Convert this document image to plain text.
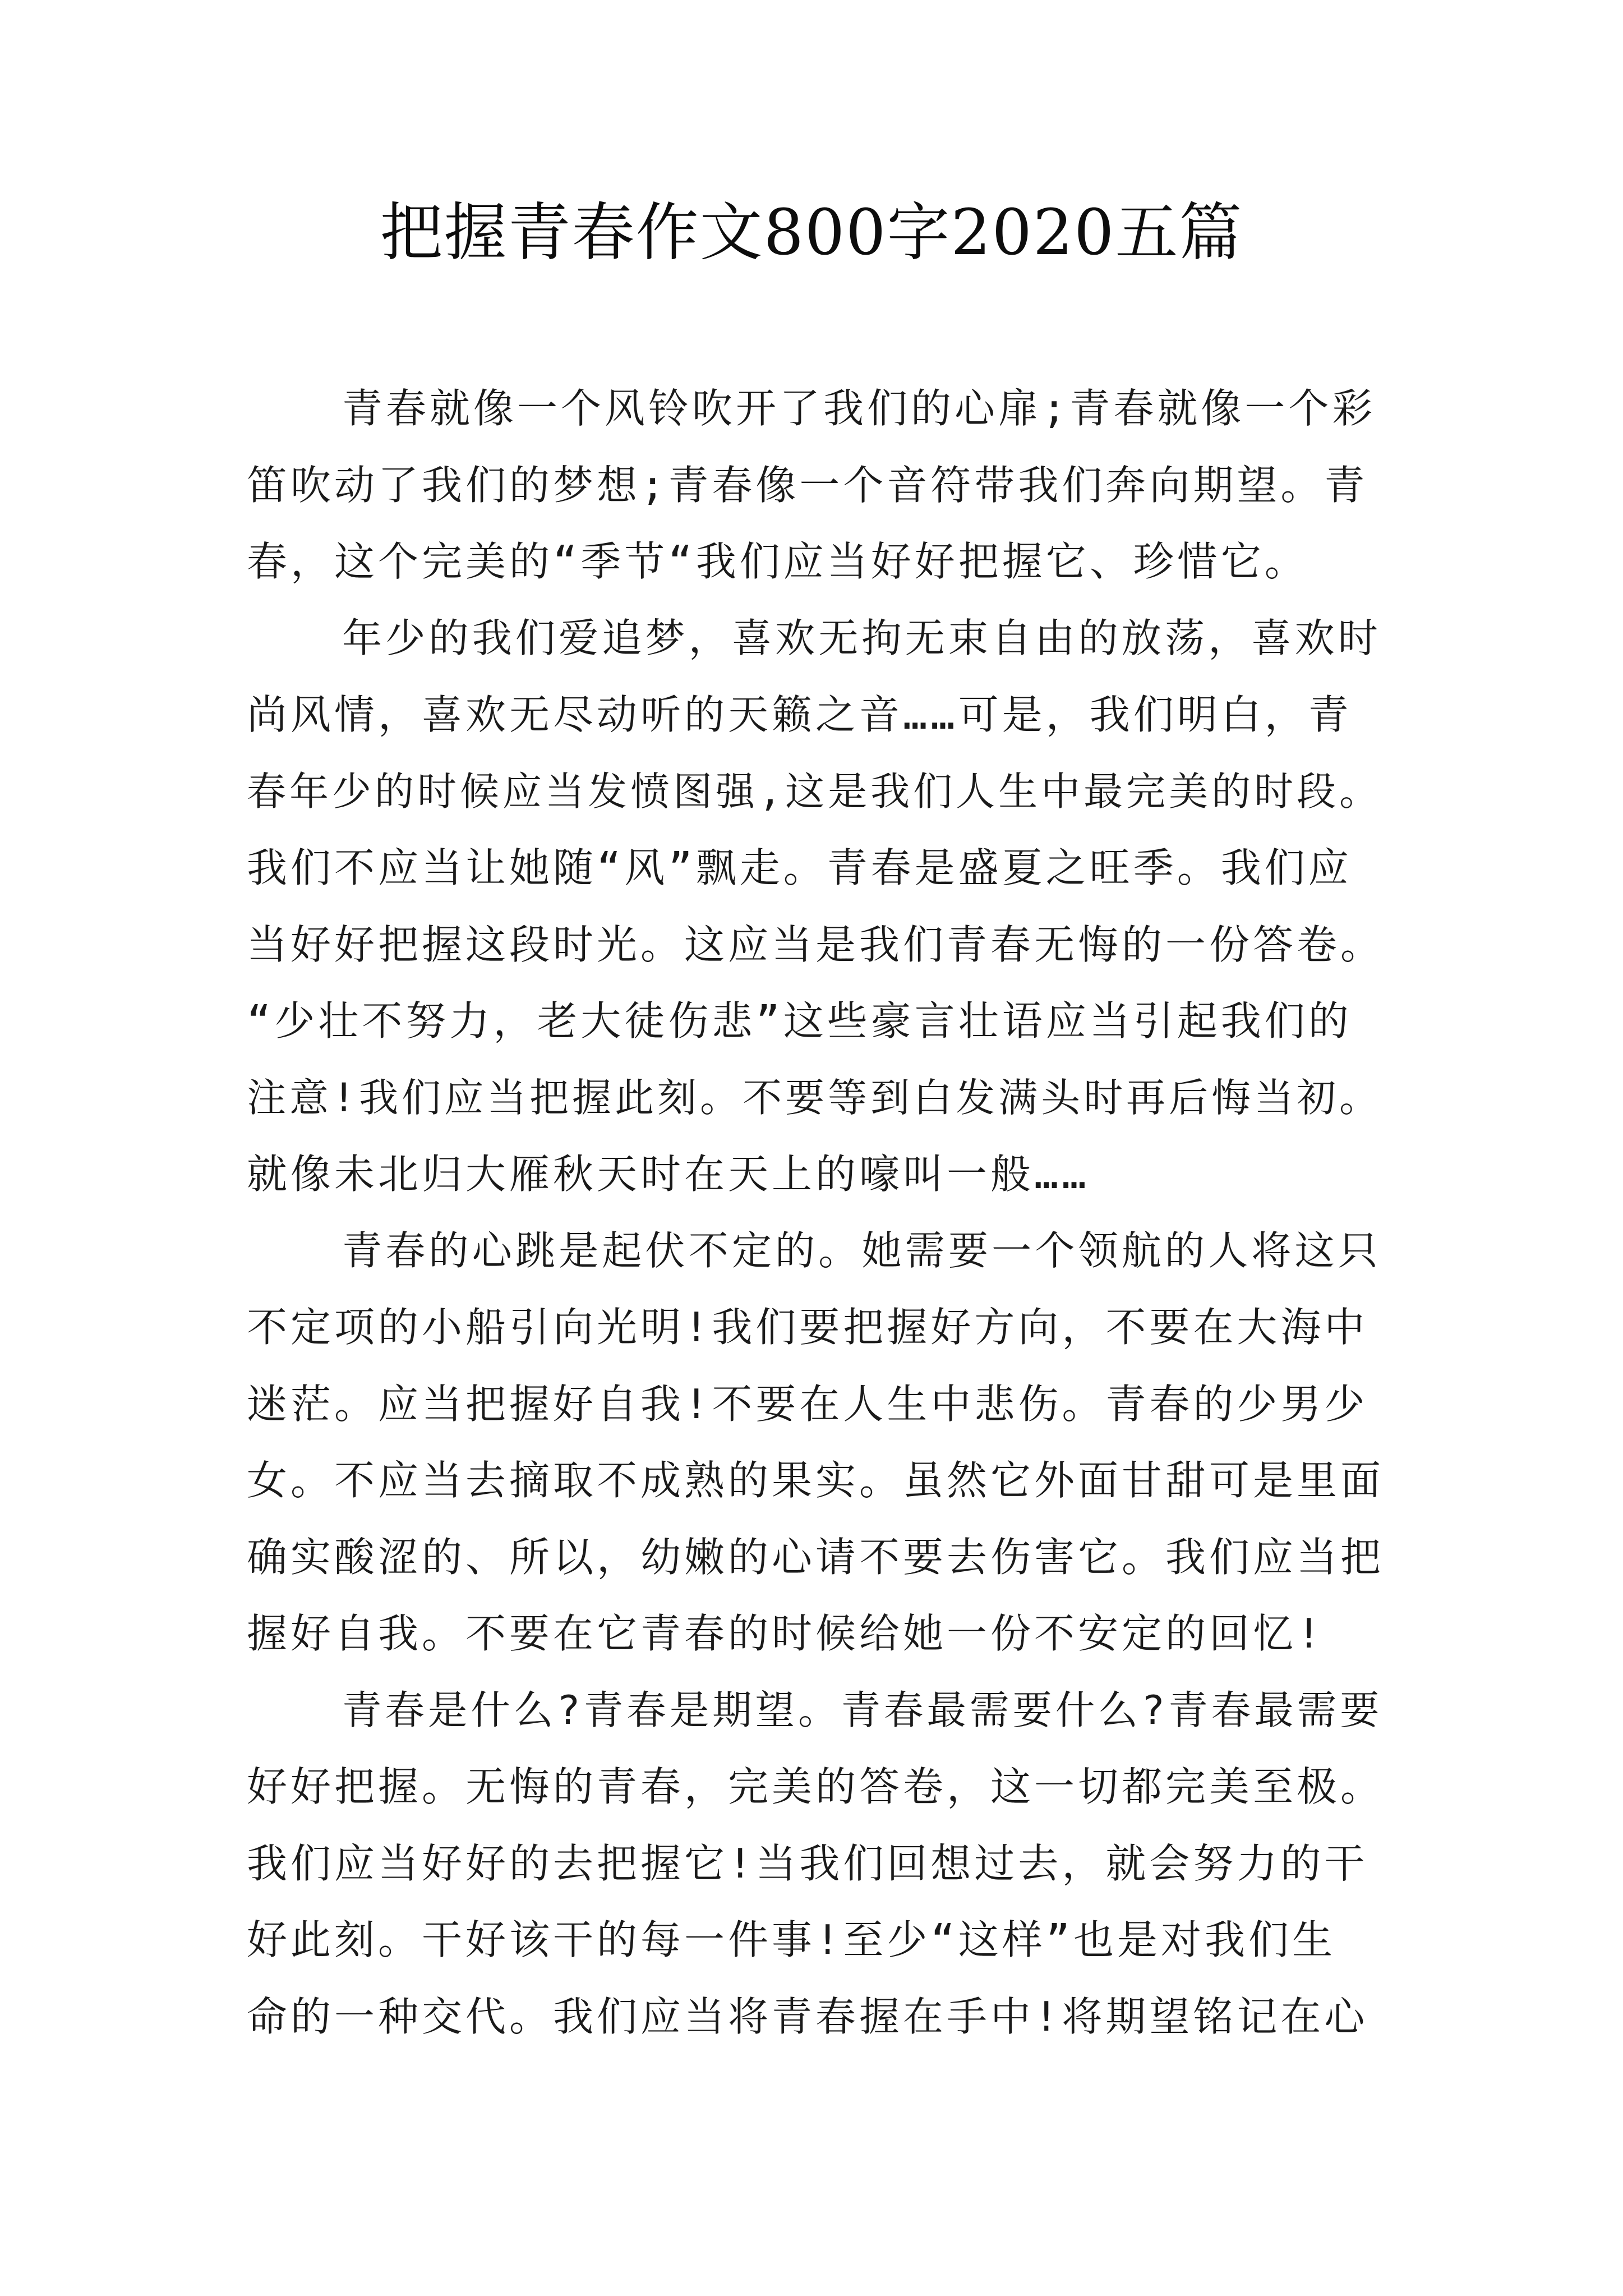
把握青春作文800字2020五篇
青春就像一个风铃吹开了我们的心扉;青春就像一个彩
笛吹动了我们的梦想;青春像一个音符带我们奔向期望。青
春，这个完美的“季节“我们应当好好把握它、珍惜它。
年少的我们爱追梦，喜欢无拘无束自由的放荡，喜欢时
尚风情，喜欢无尽动听的天籁之音……可是，我们明白，青
春年少的时候应当发愤图强,这是我们人生中最完美的时段。
我们不应当让她随“风”飘走。青春是盛夏之旺季。我们应
当好好把握这段时光。这应当是我们青春无悔的一份答卷。
“少壮不努力，老大徒伤悲”这些豪言壮语应当引起我们的
注意!我们应当把握此刻。不要等到白发满头时再后悔当初。
就像未北归大雁秋天时在天上的嚎叫一般……
青春的心跳是起伏不定的。她需要一个领航的人将这只
不定项的小船引向光明!我们要把握好方向，不要在大海中
迷茫。应当把握好自我!不要在人生中悲伤。青春的少男少
女。不应当去摘取不成熟的果实。虽然它外面甘甜可是里面
确实酸涩的、所以，幼嫩的心请不要去伤害它。我们应当把
握好自我。不要在它青春的时候给她一份不安定的回忆!
青春是什么?青春是期望。青春最需要什么?青春最需要
好好把握。无悔的青春，完美的答卷，这一切都完美至极。
我们应当好好的去把握它!当我们回想过去，就会努力的干
好此刻。干好该干的每一件事!至少“这样”也是对我们生
命的一种交代。我们应当将青春握在手中!将期望铭记在心
